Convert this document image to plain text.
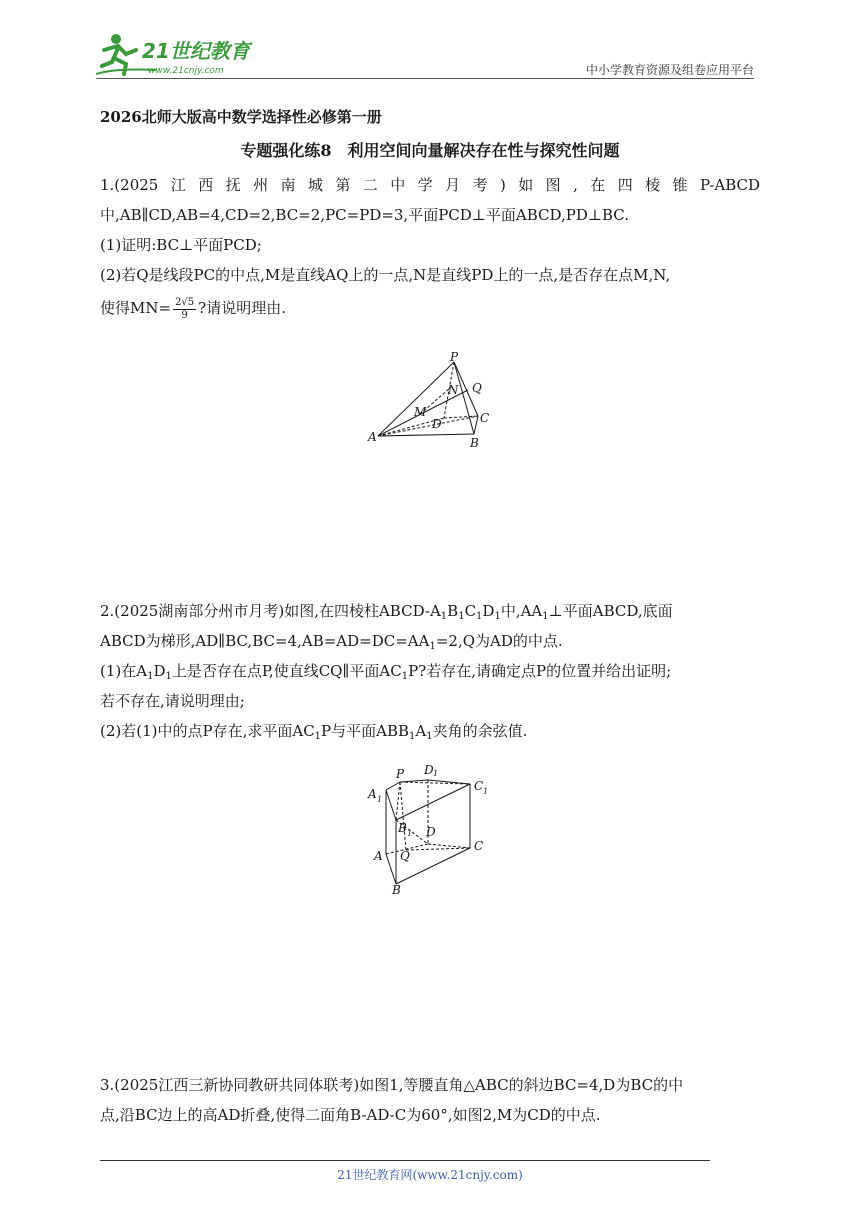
21世纪教育
www.21cnjy.com	中小学教育资源及组卷应用平台
2026北师大版高中数学选择性必修第一册
专题强化练8　利用空间向量解决存在性与探究性问题

1.(2025江西抚州南城第二中学月考)如图,在四棱锥P-ABCD

中,AB∥CD,AB=4,CD=2,BC=2,PC=PD=3,平面PCD⊥平面ABCD,PD⊥BC.

(1)证明:BC⊥平面PCD;

(2)若Q是线段PC的中点,M是直线AQ上的一点,N是直线PD上的一点,是否存在点M,N,

使得$MN= \frac{2√5}{9}$ ?请说明理由.

P
N Q
M	C
D
A	B

2.(2025湖南部分州市月考)如图,在四棱柱ABCD-$A_1B_1C_1D_1$中$,AA_1\perp$平面ABCD,底面

ABCD为梯形$,AD\parallel BC,BC=4,AB=AD=DC=AA_1=2,Q$为AD的中点.

(1)在$A_1D_1$上是否存在点P,使直线CQ∥平面$AC_1P$?若存在,请确定点P的位置并给出证明;

若不存在,请说明理由;

(2)若(1)中的点P存在,求平面$AC_1P$与平面$ABB_1A_1$夹角的余弦值.

A 1
P D 1
C 1
B 1 D
A Q
C
B

3.(2025江西三新协同教研共同体联考)如图1,等腰直角△ABC的斜边BC=4,D为BC的中

点,沿BC边上的高AD折叠,使得二面角B-AD-C为60°,如图2,M为CD的中点.

21世纪教育网(www.21cnjy.com)
